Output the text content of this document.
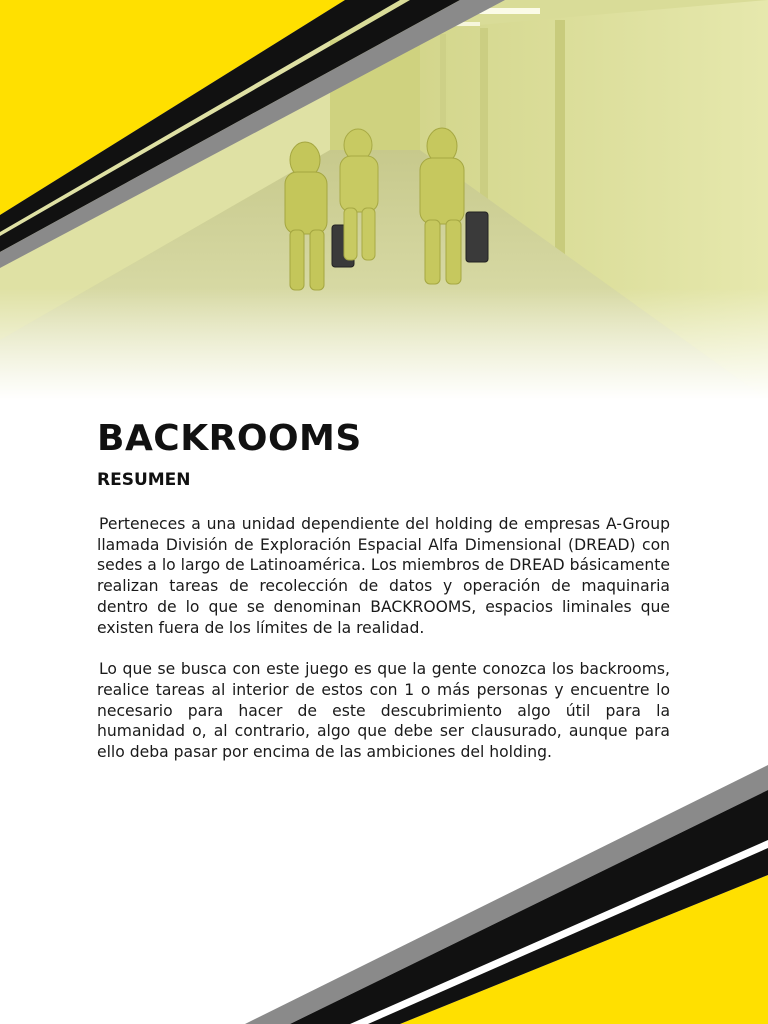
BACKROOMS
RESUMEN

Perteneces a una unidad dependiente del holding de empresas A-Group llamada División de Exploración Espacial Alfa Dimensional (DREAD) con sedes a lo largo de Latinoamérica. Los miembros de DREAD básicamente realizan tareas de recolección de datos y operación de maquinaria dentro de lo que se denominan BACKROOMS, espacios liminales que existen fuera de los límites de la realidad.

Lo que se busca con este juego es que la gente conozca los backrooms, realice tareas al interior de estos con 1 o más personas y encuentre lo necesario para hacer de este descubrimiento algo útil para la humanidad o, al contrario, algo que debe ser clausurado, aunque para ello deba pasar por encima de las ambiciones del holding.
